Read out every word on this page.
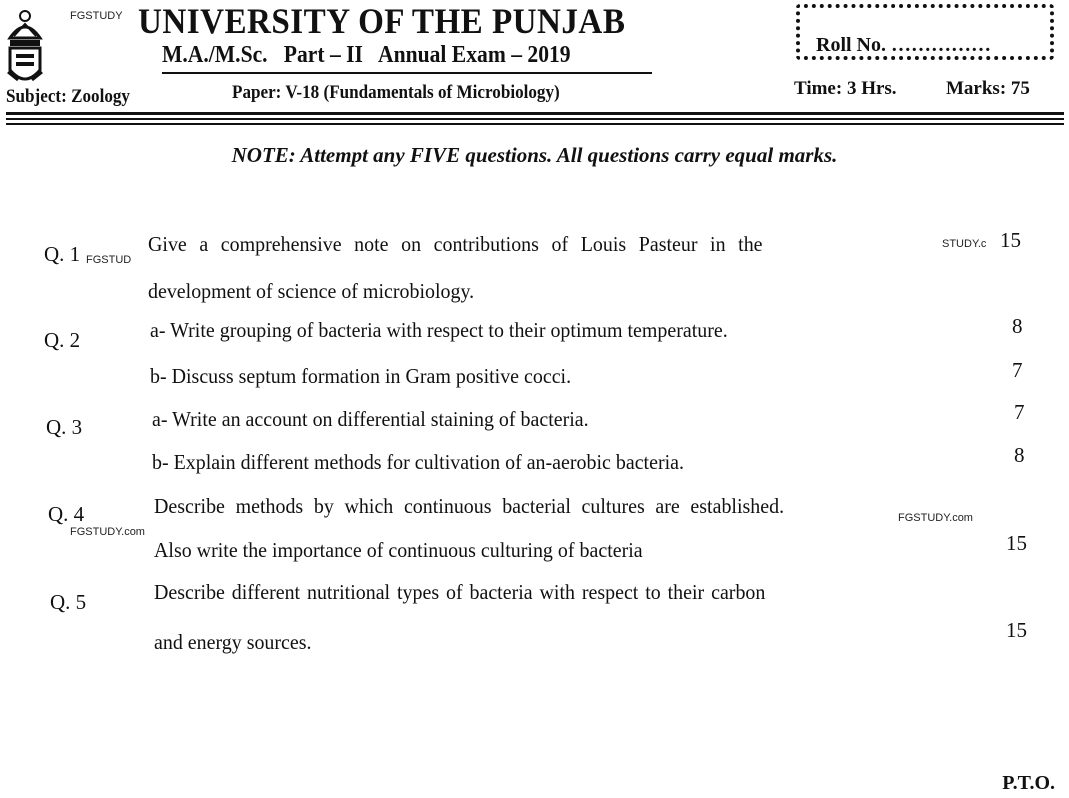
FGSTUDY UNIVERSITY OF THE PUNJAB
M.A./M.Sc.   Part – II   Annual Exam – 2019
Subject: Zoology	Paper: V-18 (Fundamentals of Microbiology)
Roll No. ……………
Time: 3 Hrs.	Marks: 75
NOTE: Attempt any FIVE questions. All questions carry equal marks.
Q. 1 FGSTUD
Give a comprehensive note on contributions of Louis Pasteur in the	STUDY.c 15
development of science of microbiology.
Q. 2	a- Write grouping of bacteria with respect to their optimum temperature.	8
b- Discuss septum formation in Gram positive cocci.	7
Q. 3	a- Write an account on differential staining of bacteria.	7
b- Explain different methods for cultivation of an-aerobic bacteria.	8
Q. 4
FGSTUDY.com
Describe methods by which continuous bacterial cultures are established.	FGSTUDY.com
Also write the importance of continuous culturing of bacteria	15
Q. 5	Describe different nutritional types of bacteria with respect to their carbon
and energy sources.	15
P.T.O.
